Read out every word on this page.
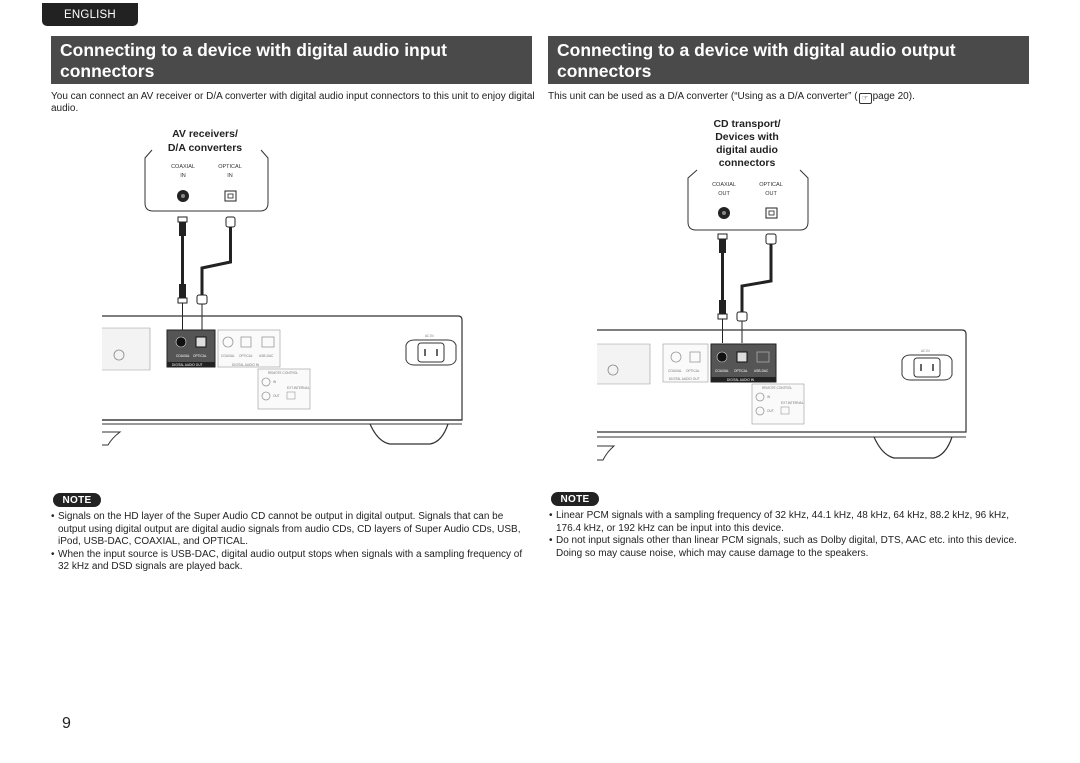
ENGLISH
Connecting to a device with digital audio input
connectors
Connecting to a device with digital audio output
connectors
You can connect an AV receiver or D/A converter with digital audio input connectors to this unit to enjoy digital audio.
This unit can be used as a D/A converter (“Using as a D/A converter” ( ☞ page 20).
AV receivers/
D/A converters
COAXIAL
IN
OPTICAL
IN
COAXIAL OPTICAL
DIGITAL AUDIO OUT
COAXIAL OPTICAL USB-DAC
DIGITAL AUDIO IN
REMOTE CONTROL
IN
OUT
EXT.INTERNAL
AC IN
CD transport/
Devices with
digital audio
connectors
COAXIAL
OUT
OPTICAL
OUT
COAXIAL OPTICAL
DIGITAL AUDIO OUT
COAXIAL OPTICAL USB-DAC
DIGITAL AUDIO IN
REMOTE CONTROL
IN
OUT
EXT.INTERNAL
AC IN
NOTE
• Signals on the HD layer of the Super Audio CD cannot be output in digital output. Signals that can be output using digital output are digital audio signals from audio CDs, CD layers of Super Audio CDs, USB, iPod, USB-DAC, COAXIAL, and OPTICAL.
• When the input source is USB-DAC, digital audio output stops when signals with a sampling frequency of 32 kHz and DSD signals are played back.
NOTE
• Linear PCM signals with a sampling frequency of 32 kHz, 44.1 kHz, 48 kHz, 64 kHz, 88.2 kHz, 96 kHz, 176.4 kHz, or 192 kHz can be input into this device.
• Do not input signals other than linear PCM signals, such as Dolby digital, DTS, AAC etc. into this device. Doing so may cause noise, which may cause damage to the speakers.
9
